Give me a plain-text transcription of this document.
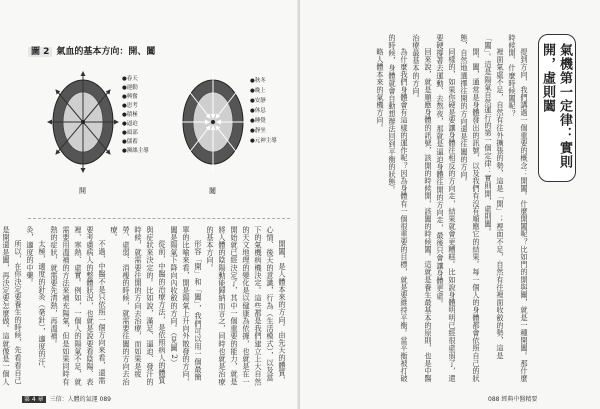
圖 2 氣血的基本方向：開、闔
●春天
●運動
●興奮
●思考
●積極
●逼迫
●頭部
●儲蓄
●瀕絲主導
●秋冬
●晚上
●安靜
●休息
●睡覺
●靜坐
●元神主導
開	闔

開闔，是人體本來的方向。由先天的體質、心情、後天的意識，行為（生活模式），以及當下的氣機病機決定。這些都是我們建立上大自然的天文地理的變化是以健康為依據，也就是在一開始就已經決定了，其中一個重要的能力，就是將人體的陰陽動能歸納而言之，同時也就是治療的基本方向。

形容「開」和「闔」，我們可以用一個最簡單的比喻來看，開是陽氣上升向外散發的方向，闔是陽氣下降向內收斂的方向。（見圖 2）

從前，中醫的治療方法，是依照病人的體質與症狀來決定的。比如說，滿足、逼迫、發汗的時候，就需要往開的方向去治療，而如果是疲勞、虛弱、消瘦的時候，就需要往闔的方向去治療。

不過，中醫不是只依照一個方向來看，還需要考慮病人的整體狀況，也就是說要看陰陽、表裡、寒熱、虛實。例如，一個人的陽氣不足，就需要用溫補的方法來補充陽氣，但是如果同時有熱的症狀，就需要先清熱，再溫補。

太極，適度的針灸（毫針），適度的汗、灸，適度的中藥。

所以，在你決定要養生的時候，先看看自己是開還是闔，再決定要怎麼做。這就像是一個人

第 4 章 三信：人體的氣運 089

提到方向，我們講過一個重要的概念：開闔。什麼開闔呢？比如門的開與關，就是一種開闔。那什麼時候開、什麼時候闔呢？

裡面氣虛不足，自然有往外擴張的勢，這是「開」；裡面不足，自然有往裡面收斂的勢，這是「闔」。這是陽氣自然運行的第一個定律：實則開，虛則闔。

開、闔，通常是身體發出的訊號，以及我們有沒有順應它的結果。每一個人的身體都會依照自己的狀態，自然地選擇往開的方向還是往闔的方向。

同樣的，如果你硬是要讓身體往相反的方向走，結果就會更糟糕。比如說身體明明已經很虛弱了，還要硬撐著去運動、去熬夜，那就是逼迫身體往開的方向走，最後只會讓身體更虛。

回來說，就是順應身體的訊號，該開的時候開，該闔的時候闔。這就是養生最基本的原則，也是中醫治療最基本的方向。

為什麼我們身體會有這樣的運作呢？因為身體有一個很重要的目標，就是要維持平衡。當平衡被打破的時候，身體就會自動想辦法回到平衡的狀態。

略人體本來的氣機方向。	氣機第一定律：實則開，虛則闔
088 經典中醫精要
